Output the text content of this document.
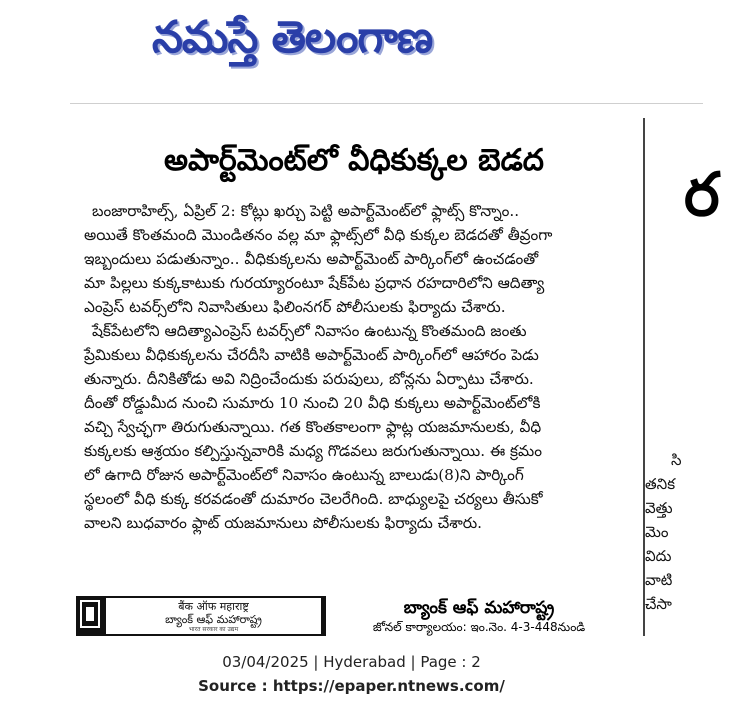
నమస్తే తెలంగాణ
అపార్ట్‌మెంట్‌లో వీధికుక్కల బెడద
బంజారాహిల్స్, ఏప్రిల్ 2: కోట్లు ఖర్చు పెట్టి అపార్ట్‌మెంట్‌లో ఫ్లాట్స్ కొన్నాం..
అయితే కొంతమంది మొండితనం వల్ల మా ఫ్లాట్స్‌లో వీధి కుక్కల బెడదతో తీవ్రంగా
ఇబ్బందులు పడుతున్నాం.. వీధికుక్కలను అపార్ట్‌మెంట్ పార్కింగ్‌లో ఉంచడంతో
మా పిల్లలు కుక్కకాటుకు గురయ్యారంటూ షేక్‌పేట ప్రధాన రహదారిలోని ఆదిత్యా
ఎంప్రెస్ టవర్స్‌లోని నివాసితులు ఫిలింనగర్ పోలీసులకు ఫిర్యాదు చేశారు.
షేక్‌పేటలోని ఆదిత్యాఎంప్రెస్ టవర్స్‌లో నివాసం ఉంటున్న కొంతమంది జంతు
ప్రేమికులు వీధికుక్కలను చేరదీసి వాటికి అపార్ట్‌మెంట్ పార్కింగ్‌లో ఆహారం పెడు
తున్నారు. దీనికితోడు అవి నిద్రించేందుకు పరుపులు, బోన్లను ఏర్పాటు చేశారు.
దీంతో రోడ్డుమీద నుంచి సుమారు 10 నుంచి 20 వీధి కుక్కలు అపార్ట్‌మెంట్‌లోకి
వచ్చి స్వేచ్ఛగా తిరుగుతున్నాయి. గత కొంతకాలంగా ఫ్లాట్ల యజమానులకు, వీధి
కుక్కలకు ఆశ్రయం కల్పిస్తున్నవారికి మధ్య గొడవలు జరుగుతున్నాయి. ఈ క్రమం
లో ఉగాది రోజున అపార్ట్‌మెంట్‌లో నివాసం ఉంటున్న బాలుడు(8)ని పార్కింగ్
స్థలంలో వీధి కుక్క కరవడంతో దుమారం చెలరేగింది. బాధ్యులపై చర్యలు తీసుకో
వాలని బుధవారం ఫ్లాట్ యజమానులు పోలీసులకు ఫిర్యాదు చేశారు.
बैंक ऑफ महाराष्ट्र
బ్యాంక్ ఆఫ్ మహారాష్ట్ర
भारत सरकार का उद्यम
బ్యాంక్ ఆఫ్ మహారాష్ట్ర
జోనల్ కార్యాలయం: ఇం.నెం. 4-3-448నుండి
ర
సి
తనిక
వెత్తు
మెం
విదు
వాటి
చేసా
03/04/2025 | Hyderabad | Page : 2
Source : https://epaper.ntnews.com/
